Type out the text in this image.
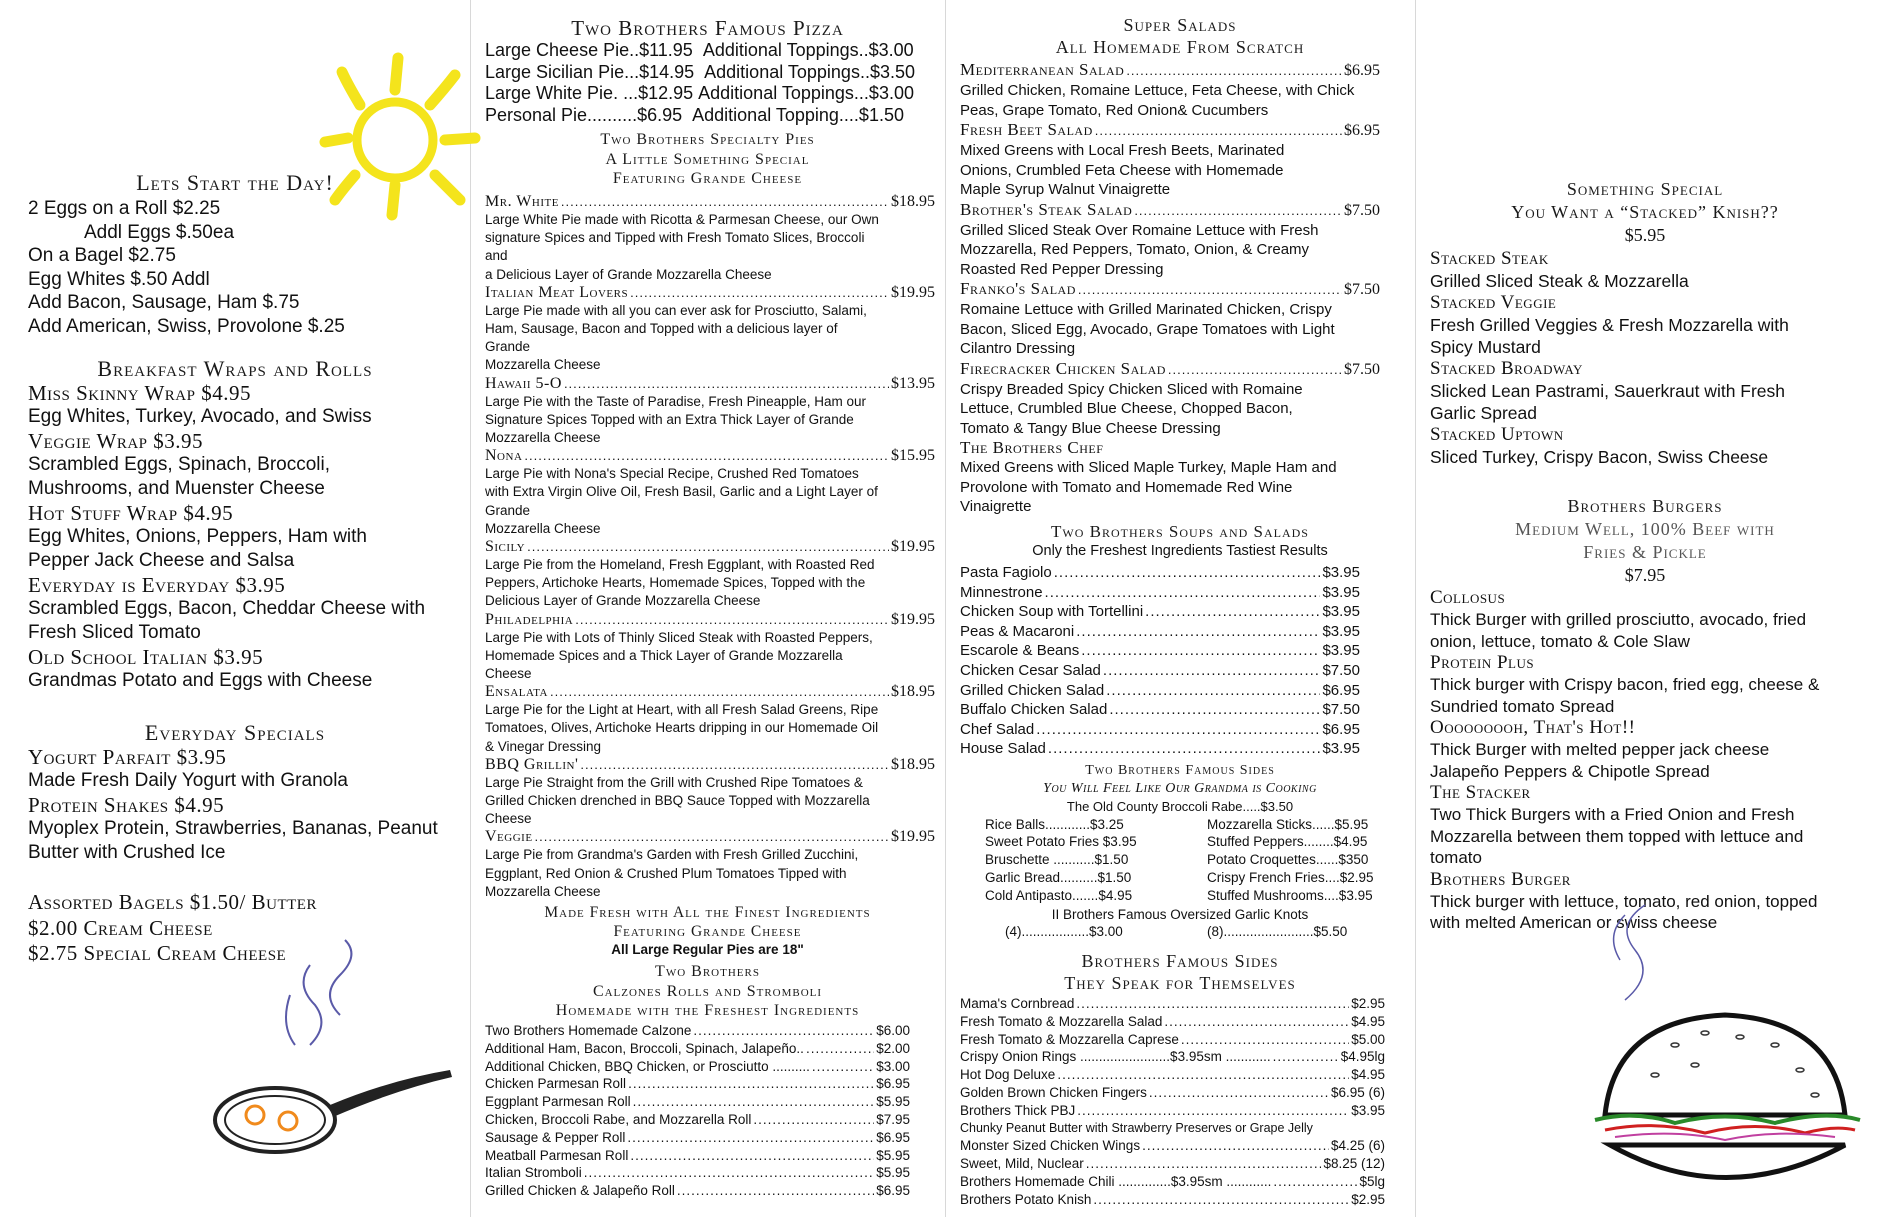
Lets Start the Day!
2 Eggs on a Roll $2.25
Addl Eggs $.50ea
On a Bagel $2.75
Egg Whites $.50 Addl
Add Bacon, Sausage, Ham $.75
Add American, Swiss, Provolone $.25
Breakfast Wraps and Rolls
Miss Skinny Wrap $4.95
Egg Whites, Turkey, Avocado, and Swiss
Veggie Wrap $3.95
Scrambled Eggs, Spinach, Broccoli,
Mushrooms, and Muenster Cheese
Hot Stuff Wrap $4.95
Egg Whites, Onions, Peppers, Ham with
Pepper Jack Cheese and Salsa
Everyday is Everyday $3.95
Scrambled Eggs, Bacon, Cheddar Cheese with
Fresh Sliced Tomato
Old School Italian $3.95
Grandmas Potato and Eggs with Cheese
Everyday Specials
Yogurt Parfait $3.95
Made Fresh Daily Yogurt with Granola
Protein Shakes $4.95
Myoplex Protein, Strawberries, Bananas, Peanut
Butter with Crushed Ice
Assorted Bagels $1.50/ Butter
$2.00 Cream Cheese
$2.75 Special Cream Cheese
Two Brothers Famous Pizza
Large Cheese Pie..$11.95 Additional Toppings..$3.00
Large Sicilian Pie...$14.95 Additional Toppings..$3.50
Large White Pie. ...$12.95 Additional Toppings...$3.00
Personal Pie..........$6.95 Additional Topping....$1.50
Two Brothers Specialty Pies
A Little Something Special
Featuring Grande Cheese
Mr. White .....	$18.95
Large White Pie made with Ricotta & Parmesan Cheese, our Own
signature Spices and Tipped with Fresh Tomato Slices, Broccoli
and
a Delicious Layer of Grande Mozzarella Cheese
Italian Meat Lovers .....	$19.95
Large Pie made with all you can ever ask for Prosciutto, Salami,
Ham, Sausage, Bacon and Topped with a delicious layer of
Grande
Mozzarella Cheese
Hawaii 5-O .....	$13.95
Large Pie with the Taste of Paradise, Fresh Pineapple, Ham our
Signature Spices Topped with an Extra Thick Layer of Grande
Mozzarella Cheese
Nona .....	$15.95
Large Pie with Nona's Special Recipe, Crushed Red Tomatoes
with Extra Virgin Olive Oil, Fresh Basil, Garlic and a Light Layer of
Grande
Mozzarella Cheese
Sicily .....	$19.95
Large Pie from the Homeland, Fresh Eggplant, with Roasted Red
Peppers, Artichoke Hearts, Homemade Spices, Topped with the
Delicious Layer of Grande Mozzarella Cheese
Philadelphia .....	$19.95
Large Pie with Lots of Thinly Sliced Steak with Roasted Peppers,
Homemade Spices and a Thick Layer of Grande Mozzarella
Cheese
Ensalata .....	$18.95
Large Pie for the Light at Heart, with all Fresh Salad Greens, Ripe
Tomatoes, Olives, Artichoke Hearts dripping in our Homemade Oil
& Vinegar Dressing
BBQ Grillin' .....	$18.95
Large Pie Straight from the Grill with Crushed Ripe Tomatoes &
Grilled Chicken drenched in BBQ Sauce Topped with Mozzarella
Cheese
Veggie .....	$19.95
Large Pie from Grandma's Garden with Fresh Grilled Zucchini,
Eggplant, Red Onion & Crushed Plum Tomatoes Tipped with
Mozzarella Cheese
Made Fresh with All the Finest Ingredients
Featuring Grande Cheese
All Large Regular Pies are 18"
Two Brothers
Calzones Rolls and Stromboli
Homemade with the Freshest Ingredients
Two Brothers Homemade Calzone .....	$6.00
Additional Ham, Bacon, Broccoli, Spinach, Jalapeño.. .....	$2.00
Additional Chicken, BBQ Chicken, or Prosciutto .......... .....	$3.00
Chicken Parmesan Roll .....	$6.95
Eggplant Parmesan Roll .....	$5.95
Chicken, Broccoli Rabe, and Mozzarella Roll .....	$7.95
Sausage & Pepper Roll .....	$6.95
Meatball Parmesan Roll .....	$5.95
Italian Stromboli .....	$5.95
Grilled Chicken & Jalapeño Roll .....	$6.95
Super Salads
All Homemade From Scratch
Mediterranean Salad .....	$6.95
Grilled Chicken, Romaine Lettuce, Feta Cheese, with Chick
Peas, Grape Tomato, Red Onion& Cucumbers
Fresh Beet Salad .....	$6.95
Mixed Greens with Local Fresh Beets, Marinated
Onions, Crumbled Feta Cheese with Homemade
Maple Syrup Walnut Vinaigrette
Brother's Steak Salad .....	$7.50
Grilled Sliced Steak Over Romaine Lettuce with Fresh
Mozzarella, Red Peppers, Tomato, Onion, & Creamy
Roasted Red Pepper Dressing
Franko's Salad .....	$7.50
Romaine Lettuce with Grilled Marinated Chicken, Crispy
Bacon, Sliced Egg, Avocado, Grape Tomatoes with Light
Cilantro Dressing
Firecracker Chicken Salad .....	$7.50
Crispy Breaded Spicy Chicken Sliced with Romaine
Lettuce, Crumbled Blue Cheese, Chopped Bacon,
Tomato & Tangy Blue Cheese Dressing
The Brothers Chef
Mixed Greens with Sliced Maple Turkey, Maple Ham and
Provolone with Tomato and Homemade Red Wine
Vinaigrette
Two Brothers Soups and Salads
Only the Freshest Ingredients Tastiest Results
Pasta Fagiolo .....	$3.95
Minnestrone .....	$3.95
Chicken Soup with Tortellini .....	$3.95
Peas & Macaroni .....	$3.95
Escarole & Beans .....	$3.95
Chicken Cesar Salad .....	$7.50
Grilled Chicken Salad .....	$6.95
Buffalo Chicken Salad .....	$7.50
Chef Salad .....	$6.95
House Salad .....	$3.95
Two Brothers Famous Sides
You Will Feel Like Our Grandma is Cooking
The Old County Broccoli Rabe.....$3.50
Rice Balls............$3.25
Sweet Potato Fries $3.95
Bruschette ...........$1.50
Garlic Bread..........$1.50
Cold Antipasto.......$4.95
Mozzarella Sticks......$5.95
Stuffed Peppers........$4.95
Potato Croquettes......$350
Crispy French Fries....$2.95
Stuffed Mushrooms....$3.95
II Brothers Famous Oversized Garlic Knots
(4)..................$3.00	(8)........................$5.50
Brothers Famous Sides
They Speak for Themselves
Mama's Cornbread .....	$2.95
Fresh Tomato & Mozzarella Salad .....	$4.95
Fresh Tomato & Mozzarella Caprese .....	$5.00
Crispy Onion Rings ........................$3.95sm ............ .....	$4.95lg
Hot Dog Deluxe .....	$4.95
Golden Brown Chicken Fingers .....	$6.95 (6)
Brothers Thick PBJ .....	$3.95
Chunky Peanut Butter with Strawberry Preserves or Grape Jelly
Monster Sized Chicken Wings .....	$4.25 (6)
Sweet, Mild, Nuclear .....	$8.25 (12)
Brothers Homemade Chili ..............$3.95sm ............ .....	$5lg
Brothers Potato Knish .....	$2.95
Something Special
You Want a “Stacked” Knish??
$5.95
Stacked Steak
Grilled Sliced Steak & Mozzarella
Stacked Veggie
Fresh Grilled Veggies & Fresh Mozzarella with
Spicy Mustard
Stacked Broadway
Slicked Lean Pastrami, Sauerkraut with Fresh
Garlic Spread
Stacked Uptown
Sliced Turkey, Crispy Bacon, Swiss Cheese
Brothers Burgers
Medium Well, 100% Beef with
Fries & Pickle
$7.95
Collosus
Thick Burger with grilled prosciutto, avocado, fried
onion, lettuce, tomato & Cole Slaw
Protein Plus
Thick burger with Crispy bacon, fried egg, cheese &
Sundried tomato Spread
Ooooooooh, That's Hot!!
Thick Burger with melted pepper jack cheese
Jalapeño Peppers & Chipotle Spread
The Stacker
Two Thick Burgers with a Fried Onion and Fresh
Mozzarella between them topped with lettuce and
tomato
Brothers Burger
Thick burger with lettuce, tomato, red onion, topped
with melted American or swiss cheese
